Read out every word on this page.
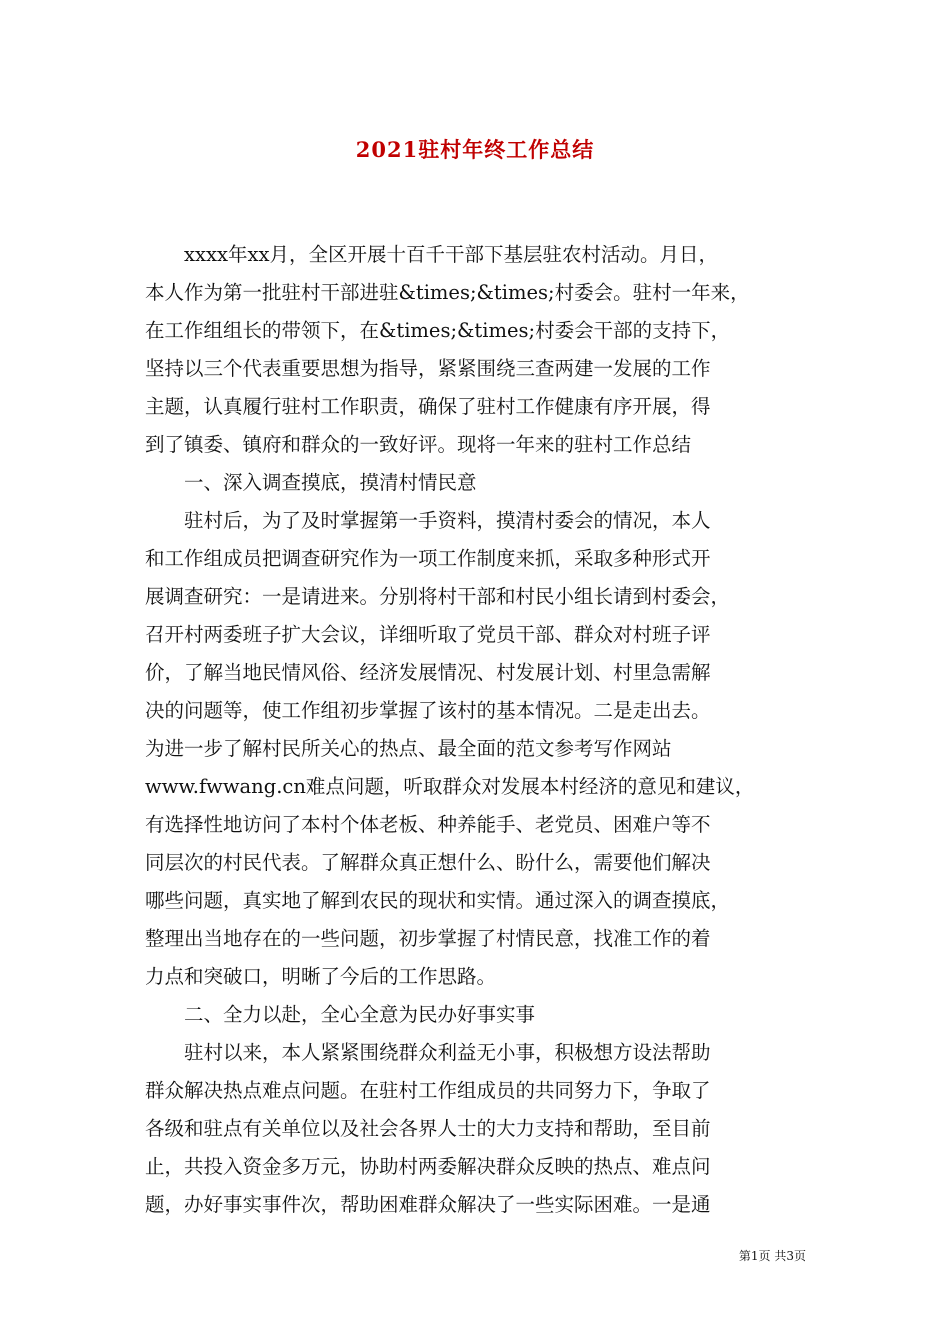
2021驻村年终工作总结
　　xxxx年xx月，全区开展十百千干部下基层驻农村活动。月日，
本人作为第一批驻村干部进驻&times;&times;村委会。驻村一年来，
在工作组组长的带领下，在&times;&times;村委会干部的支持下，
坚持以三个代表重要思想为指导，紧紧围绕三查两建一发展的工作
主题，认真履行驻村工作职责，确保了驻村工作健康有序开展，得
到了镇委、镇府和群众的一致好评。现将一年来的驻村工作总结
　　一、深入调查摸底，摸清村情民意
　　驻村后，为了及时掌握第一手资料，摸清村委会的情况，本人
和工作组成员把调查研究作为一项工作制度来抓，采取多种形式开
展调查研究：一是请进来。分别将村干部和村民小组长请到村委会，
召开村两委班子扩大会议，详细听取了党员干部、群众对村班子评
价，了解当地民情风俗、经济发展情况、村发展计划、村里急需解
决的问题等，使工作组初步掌握了该村的基本情况。二是走出去。
为进一步了解村民所关心的热点、最全面的范文参考写作网站
www.fwwang.cn难点问题，听取群众对发展本村经济的意见和建议，
有选择性地访问了本村个体老板、种养能手、老党员、困难户等不
同层次的村民代表。了解群众真正想什么、盼什么，需要他们解决
哪些问题，真实地了解到农民的现状和实情。通过深入的调查摸底，
整理出当地存在的一些问题，初步掌握了村情民意，找准工作的着
力点和突破口，明晰了今后的工作思路。
　　二、全力以赴，全心全意为民办好事实事
　　驻村以来，本人紧紧围绕群众利益无小事，积极想方设法帮助
群众解决热点难点问题。在驻村工作组成员的共同努力下，争取了
各级和驻点有关单位以及社会各界人士的大力支持和帮助，至目前
止，共投入资金多万元，协助村两委解决群众反映的热点、难点问
题，办好事实事件次，帮助困难群众解决了一些实际困难。一是通
第1页 共3页
